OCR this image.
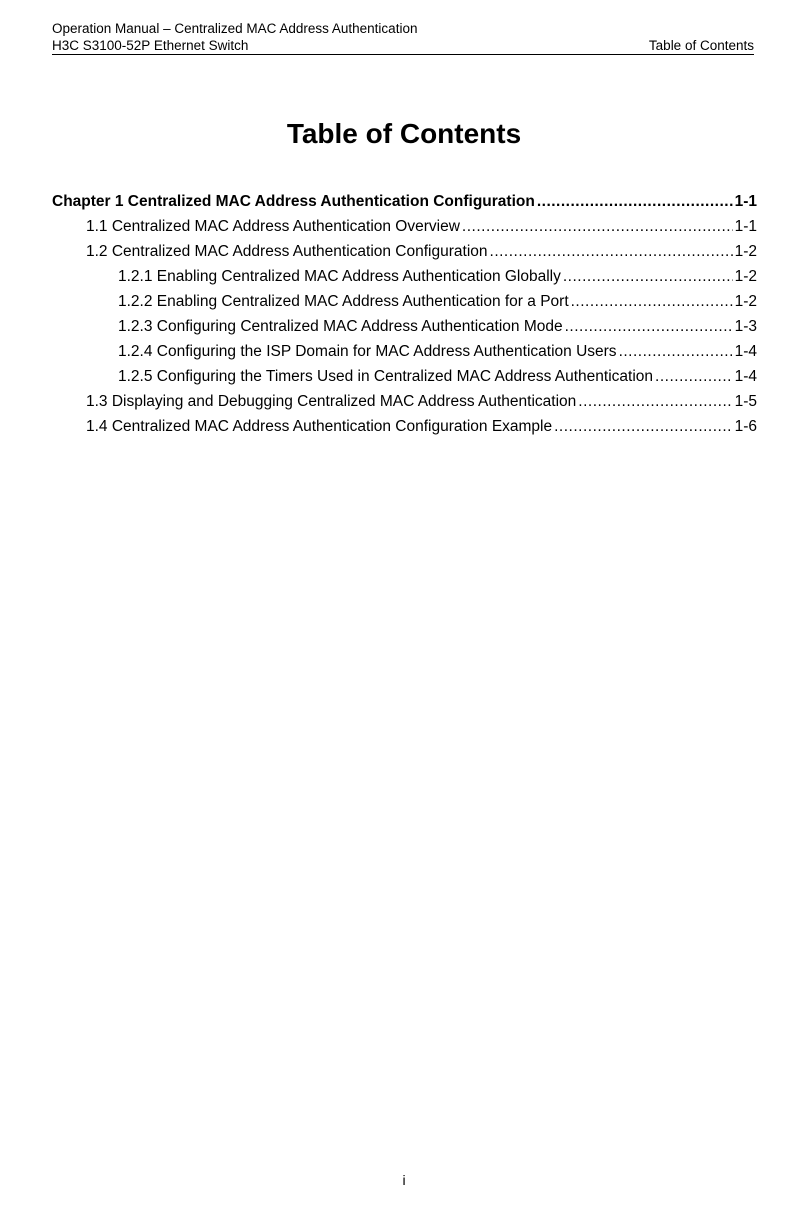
Operation Manual – Centralized MAC Address Authentication
H3C S3100-52P Ethernet Switch	Table of Contents
Table of Contents
Chapter 1 Centralized MAC Address Authentication Configuration .....	1-1
1.1 Centralized MAC Address Authentication Overview .....	1-1
1.2 Centralized MAC Address Authentication Configuration .....	1-2
1.2.1 Enabling Centralized MAC Address Authentication Globally .....	1-2
1.2.2 Enabling Centralized MAC Address Authentication for a Port .....	1-2
1.2.3 Configuring Centralized MAC Address Authentication Mode .....	1-3
1.2.4 Configuring the ISP Domain for MAC Address Authentication Users .....	1-4
1.2.5 Configuring the Timers Used in Centralized MAC Address Authentication .....	1-4
1.3 Displaying and Debugging Centralized MAC Address Authentication .....	1-5
1.4 Centralized MAC Address Authentication Configuration Example .....	1-6
i
